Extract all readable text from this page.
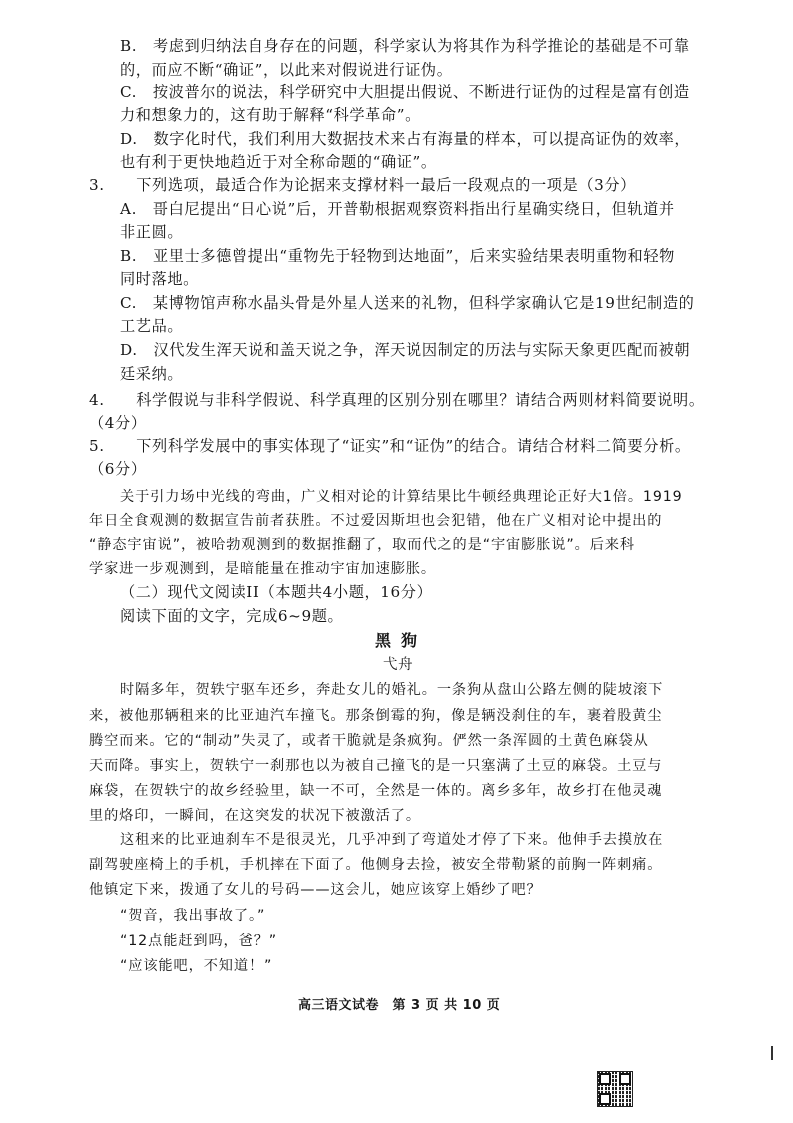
B.　考虑到归纳法自身存在的问题，科学家认为将其作为科学推论的基础是不可靠
的，而应不断“确证”，以此来对假说进行证伪。
C.　按波普尔的说法，科学研究中大胆提出假说、不断进行证伪的过程是富有创造
力和想象力的，这有助于解释“科学革命”。
D.　数字化时代，我们利用大数据技术来占有海量的样本，可以提高证伪的效率，
也有利于更快地趋近于对全称命题的“确证”。
3.　　下列选项，最适合作为论据来支撑材料一最后一段观点的一项是（3分）
A.　哥白尼提出“日心说”后，开普勒根据观察资料指出行星确实绕日，但轨道并
非正圆。
B.　亚里士多德曾提出“重物先于轻物到达地面”，后来实验结果表明重物和轻物
同时落地。
C.　某博物馆声称水晶头骨是外星人送来的礼物，但科学家确认它是19世纪制造的
工艺品。
D.　汉代发生浑天说和盖天说之争，浑天说因制定的历法与实际天象更匹配而被朝
廷采纳。
4.　　科学假说与非科学假说、科学真理的区别分别在哪里？请结合两则材料简要说明。
（4分）
5.　　下列科学发展中的事实体现了“证实”和“证伪”的结合。请结合材料二简要分析。
（6分）
关于引力场中光线的弯曲，广义相对论的计算结果比牛顿经典理论正好大1倍。1919
年日全食观测的数据宣告前者获胜。不过爱因斯坦也会犯错，他在广义相对论中提出的
“静态宇宙说”，被哈勃观测到的数据推翻了，取而代之的是“宇宙膨胀说”。后来科
学家进一步观测到，是暗能量在推动宇宙加速膨胀。
（二）现代文阅读II（本题共4小题，16分）
阅读下面的文字，完成6~9题。
黑狗
弋舟
时隔多年，贺轶宁驱车还乡，奔赴女儿的婚礼。一条狗从盘山公路左侧的陡坡滚下
来，被他那辆租来的比亚迪汽车撞飞。那条倒霉的狗，像是辆没刹住的车，裹着股黄尘
腾空而来。它的“制动”失灵了，或者干脆就是条疯狗。俨然一条浑圆的土黄色麻袋从
天而降。事实上，贺轶宁一刹那也以为被自己撞飞的是一只塞满了土豆的麻袋。土豆与
麻袋，在贺轶宁的故乡经验里，缺一不可，全然是一体的。离乡多年，故乡打在他灵魂
里的烙印，一瞬间，在这突发的状况下被激活了。
这租来的比亚迪刹车不是很灵光，几乎冲到了弯道处才停了下来。他伸手去摸放在
副驾驶座椅上的手机，手机摔在下面了。他侧身去捡，被安全带勒紧的前胸一阵刺痛。
他镇定下来，拨通了女儿的号码——这会儿，她应该穿上婚纱了吧？
“贺音，我出事故了。”
“12点能赶到吗，爸？”
“应该能吧，不知道！”
高三语文试卷　第 3 页 共 10 页
